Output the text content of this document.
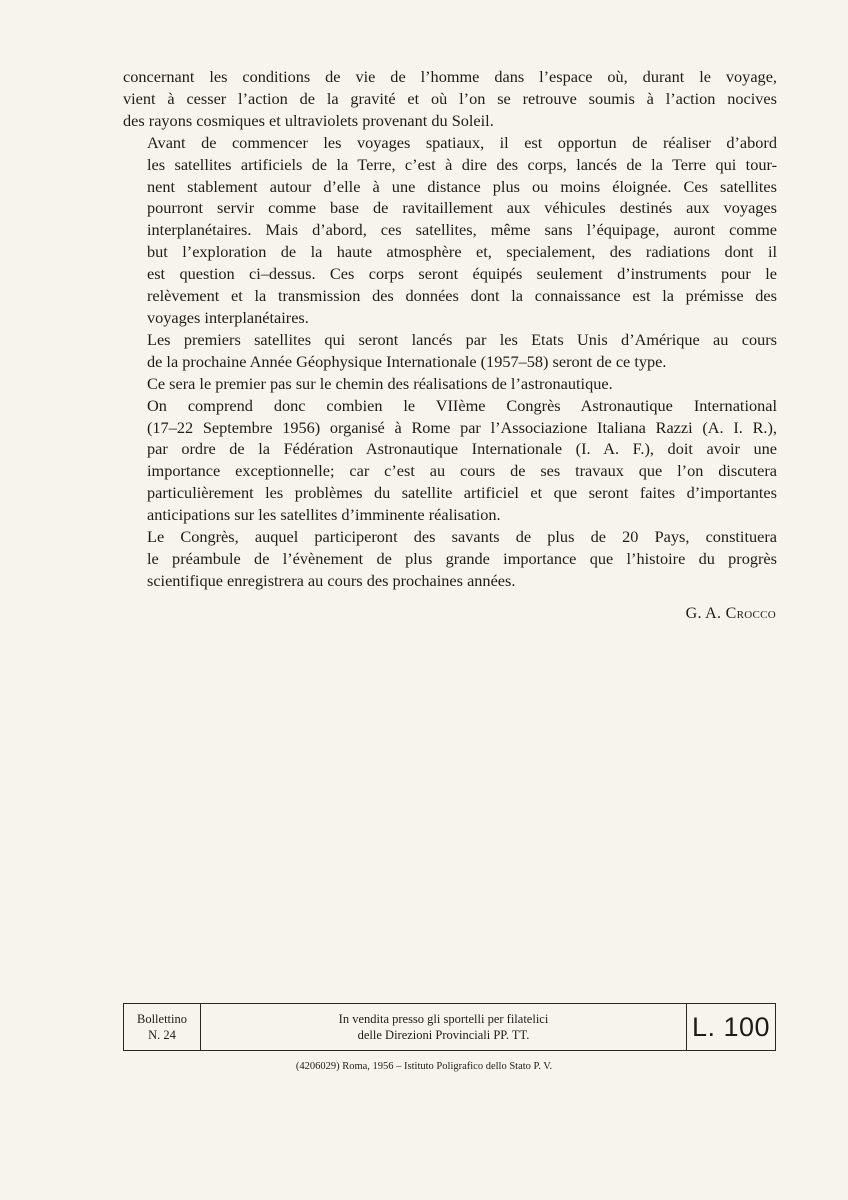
concernant les conditions de vie de l’homme dans l’espace où, durant le voyage,
vient à cesser l’action de la gravité et où l’on se retrouve soumis à l’action nocives
des rayons cosmiques et ultraviolets provenant du Soleil.

Avant de commencer les voyages spatiaux, il est opportun de réaliser d’abord
les satellites artificiels de la Terre, c’est à dire des corps, lancés de la Terre qui tour-
nent stablement autour d’elle à une distance plus ou moins éloignée. Ces satellites
pourront servir comme base de ravitaillement aux véhicules destinés aux voyages
interplanétaires. Mais d’abord, ces satellites, même sans l’équipage, auront comme
but l’exploration de la haute atmosphère et, specialement, des radiations dont il
est question ci–dessus. Ces corps seront équipés seulement d’instruments pour le
relèvement et la transmission des données dont la connaissance est la prémisse des
voyages interplanétaires.

Les premiers satellites qui seront lancés par les Etats Unis d’Amérique au cours
de la prochaine Année Géophysique Internationale (1957–58) seront de ce type.

Ce sera le premier pas sur le chemin des réalisations de l’astronautique.

On comprend donc combien le VIIème Congrès Astronautique International
(17–22 Septembre 1956) organisé à Rome par l’Associazione Italiana Razzi (A. I. R.),
par ordre de la Fédération Astronautique Internationale (I. A. F.), doit avoir une
importance exceptionnelle; car c’est au cours de ses travaux que l’on discutera
particulièrement les problèmes du satellite artificiel et que seront faites d’importantes
anticipations sur les satellites d’imminente réalisation.

Le Congrès, auquel participeront des savants de plus de 20 Pays, constituera
le préambule de l’évènement de plus grande importance que l’histoire du progrès
scientifique enregistrera au cours des prochaines années.

G. A. Crocco
Bollettino
N. 24
In vendita presso gli sportelli per filatelici
delle Direzioni Provinciali PP. TT.	L. 100
(4206029) Roma, 1956 – Istituto Poligrafico dello Stato P. V.
